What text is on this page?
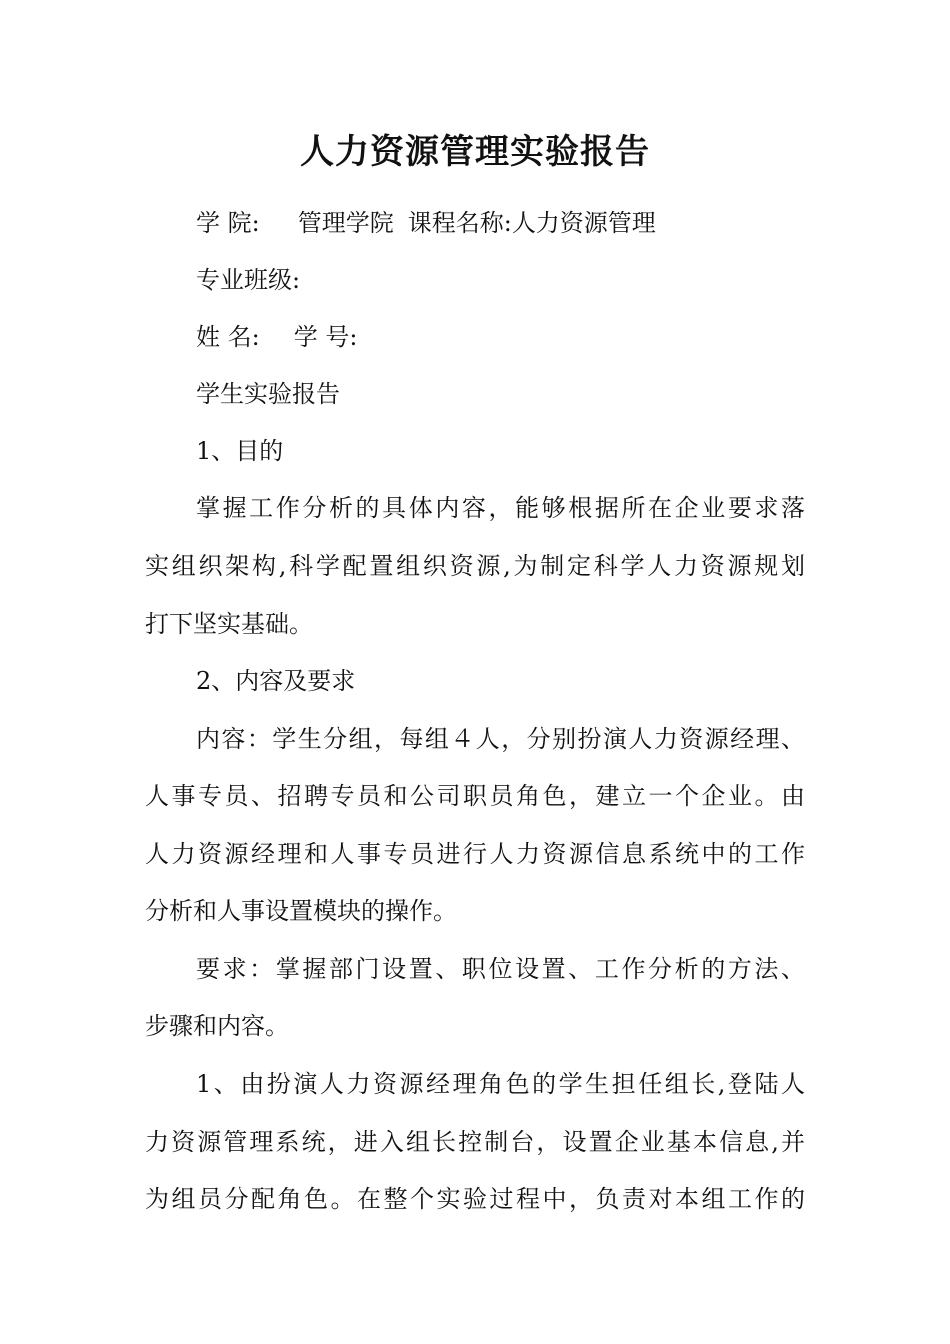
人力资源管理实验报告

学 院: 管理学院 课程名称:人力资源管理

专业班级:

姓 名: 学 号:

学生实验报告

1、目的

掌握工作分析的具体内容，能够根据所在企业要求落

实组织架构,科学配置组织资源,为制定科学人力资源规划

打下坚实基础。

2、内容及要求

内容：学生分组，每组４人，分别扮演人力资源经理、

人事专员、招聘专员和公司职员角色，建立一个企业。由

人力资源经理和人事专员进行人力资源信息系统中的工作

分析和人事设置模块的操作。

要求：掌握部门设置、职位设置、工作分析的方法、

步骤和内容。

1、由扮演人力资源经理角色的学生担任组长,登陆人

力资源管理系统，进入组长控制台，设置企业基本信息,并

为组员分配角色。在整个实验过程中，负责对本组工作的
